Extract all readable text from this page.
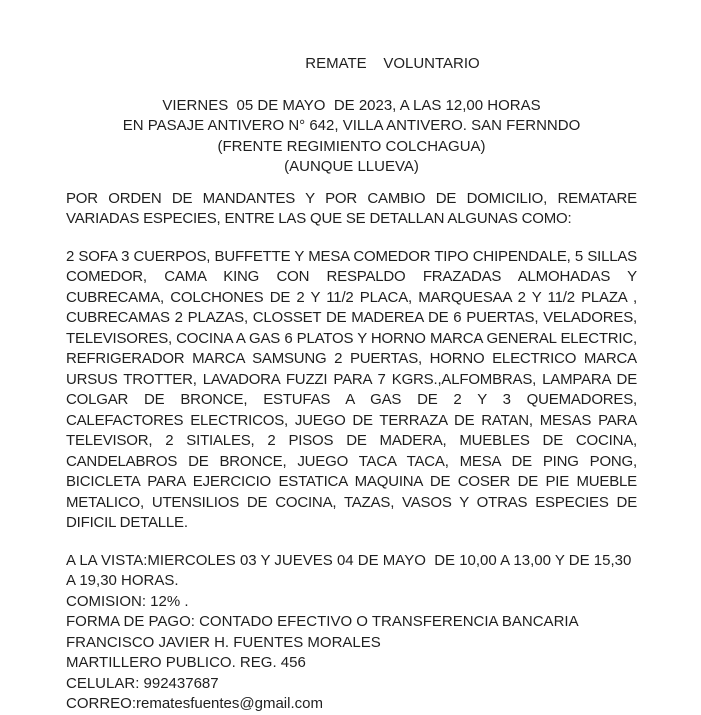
REMATE    VOLUNTARIO
VIERNES  05 DE MAYO  DE 2023, A LAS 12,00 HORAS
EN PASAJE ANTIVERO N° 642, VILLA ANTIVERO. SAN FERNNDO
(FRENTE REGIMIENTO COLCHAGUA)
(AUNQUE LLUEVA)

POR ORDEN DE MANDANTES Y POR CAMBIO DE DOMICILIO, REMATARE VARIADAS ESPECIES, ENTRE LAS QUE SE DETALLAN ALGUNAS COMO:

2 SOFA 3 CUERPOS, BUFFETTE Y MESA COMEDOR TIPO CHIPENDALE, 5 SILLAS COMEDOR, CAMA KING CON RESPALDO FRAZADAS ALMOHADAS Y CUBRECAMA, COLCHONES DE 2 Y 11/2 PLACA, MARQUESAA 2 Y 11/2 PLAZA , CUBRECAMAS 2 PLAZAS, CLOSSET DE MADEREA DE 6 PUERTAS, VELADORES, TELEVISORES, COCINA A GAS 6 PLATOS Y HORNO MARCA GENERAL ELECTRIC, REFRIGERADOR MARCA SAMSUNG 2 PUERTAS, HORNO ELECTRICO MARCA URSUS TROTTER, LAVADORA FUZZI PARA 7 KGRS.,ALFOMBRAS, LAMPARA DE COLGAR DE BRONCE, ESTUFAS A GAS DE 2 Y 3 QUEMADORES, CALEFACTORES ELECTRICOS, JUEGO DE TERRAZA DE RATAN, MESAS PARA TELEVISOR, 2 SITIALES, 2 PISOS DE MADERA, MUEBLES DE COCINA, CANDELABROS DE BRONCE, JUEGO TACA TACA, MESA DE PING PONG, BICICLETA PARA EJERCICIO ESTATICA MAQUINA DE COSER DE PIE MUEBLE METALICO, UTENSILIOS DE COCINA, TAZAS, VASOS Y OTRAS ESPECIES DE DIFICIL DETALLE.

A LA VISTA:MIERCOLES 03 Y JUEVES 04 DE MAYO  DE 10,00 A 13,00 Y DE 15,30 A 19,30 HORAS.
COMISION: 12% .
FORMA DE PAGO: CONTADO EFECTIVO O TRANSFERENCIA BANCARIA
FRANCISCO JAVIER H. FUENTES MORALES
MARTILLERO PUBLICO. REG. 456
CELULAR: 992437687
CORREO:rematesfuentes@gmail.com
